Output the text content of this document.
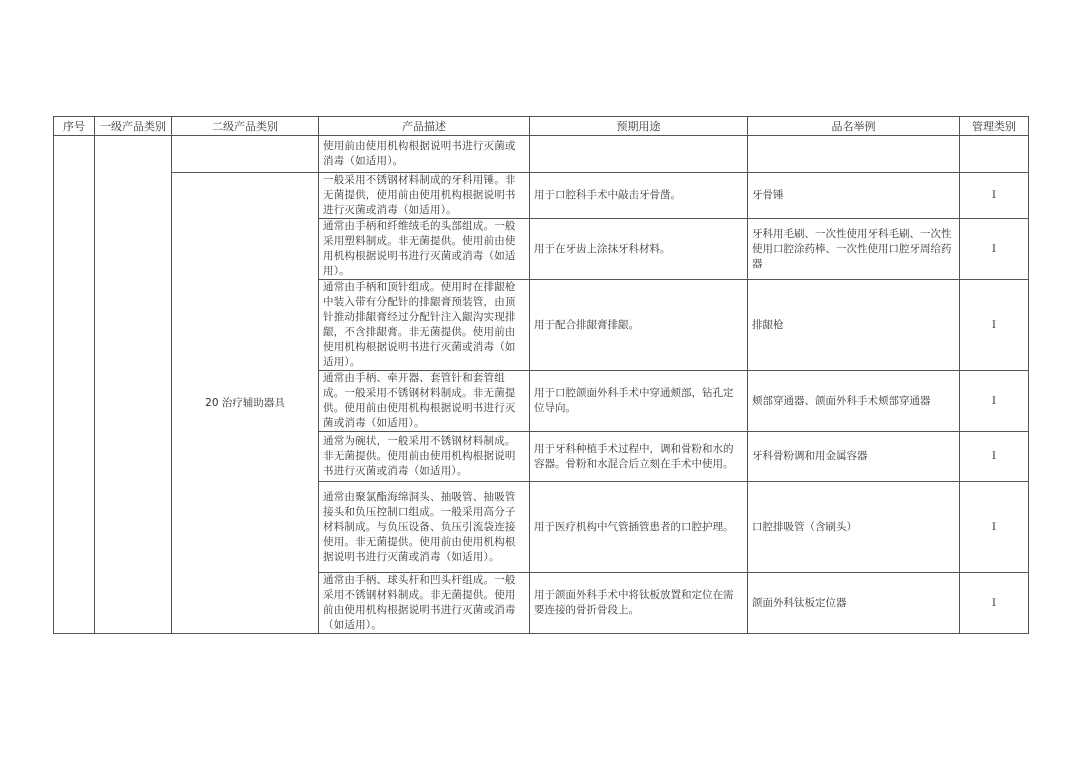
序号	一级产品类别	二级产品类别	产品描述	预期用途	品名举例	管理类别
			使用前由使用机构根据说明书进行灭菌或消毒（如适用）。			
		20 治疗辅助器具	一般采用不锈钢材料制成的牙科用锤。非无菌提供，使用前由使用机构根据说明书进行灭菌或消毒（如适用）。	用于口腔科手术中敲击牙骨凿。	牙骨锤	I
			通常由手柄和纤维绒毛的头部组成。一般采用塑料制成。非无菌提供。使用前由使用机构根据说明书进行灭菌或消毒（如适用）。	用于在牙齿上涂抹牙科材料。	牙科用毛刷、一次性使用牙科毛刷、一次性使用口腔涂药棒、一次性使用口腔牙周给药器	I
			通常由手柄和顶针组成。使用时在排龈枪中装入带有分配针的排龈膏预装管，由顶针推动排龈膏经过分配针注入龈沟实现排龈，不含排龈膏。非无菌提供。使用前由使用机构根据说明书进行灭菌或消毒（如适用）。	用于配合排龈膏排龈。	排龈枪	I
			通常由手柄、牵开器、套管针和套管组成。一般采用不锈钢材料制成。非无菌提供。使用前由使用机构根据说明书进行灭菌或消毒（如适用）。	用于口腔颌面外科手术中穿通颊部，钻孔定位导向。	颊部穿通器、颌面外科手术颊部穿通器	I
			通常为碗状，一般采用不锈钢材料制成。非无菌提供。使用前由使用机构根据说明书进行灭菌或消毒（如适用）。	用于牙科种植手术过程中，调和骨粉和水的容器。骨粉和水混合后立刻在手术中使用。	牙科骨粉调和用金属容器	I
			通常由聚氯酯海绵洞头、抽吸管、抽吸管接头和负压控制口组成。一般采用高分子材料制成。与负压设备、负压引流袋连接使用。非无菌提供。使用前由使用机构根据说明书进行灭菌或消毒（如适用）。	用于医疗机构中气管插管患者的口腔护理。	口腔排吸管（含刷头）	I
			通常由手柄、球头杆和凹头杆组成。一般采用不锈钢材料制成。非无菌提供。使用前由使用机构根据说明书进行灭菌或消毒（如适用）。	用于颌面外科手术中将钛板放置和定位在需要连接的骨折骨段上。	颌面外科钛板定位器	I
